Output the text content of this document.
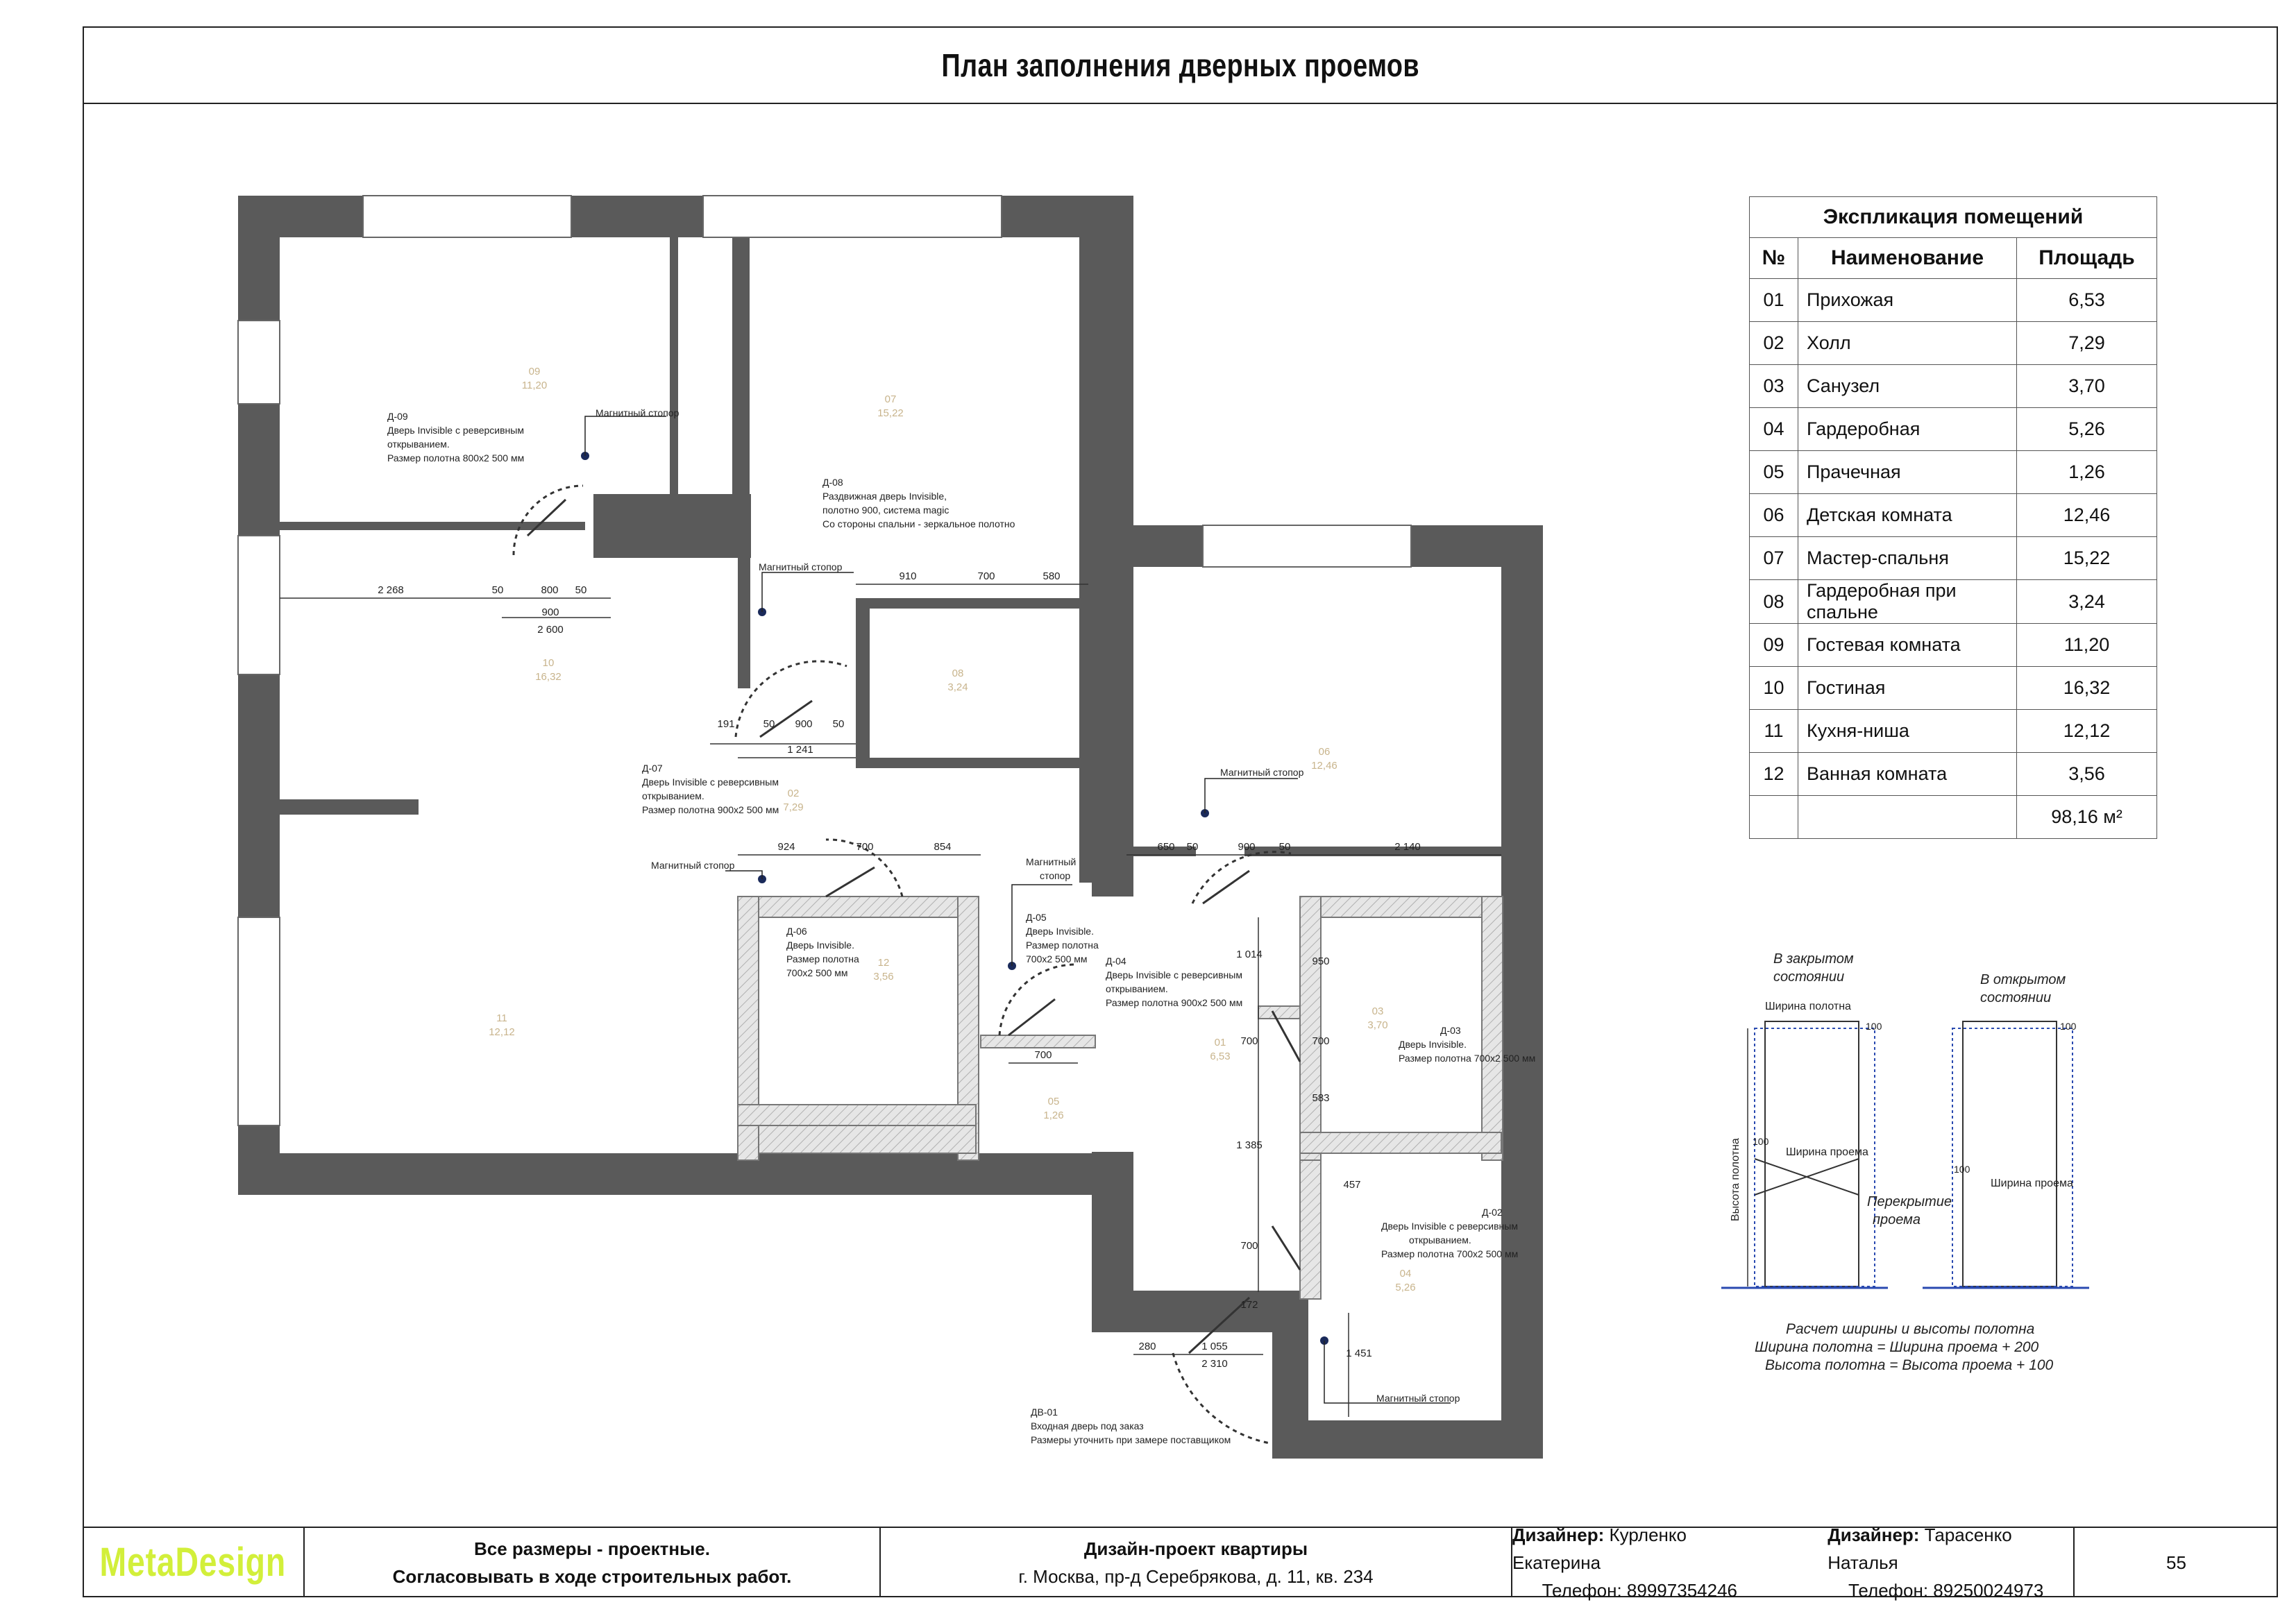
План заполнения дверных проемов
09
11,20
07
15,22
10
16,32	08
3,24
02
7,29
06
12,46
12
3,56
11
12,12
01
6,53
03
3,70
05
1,26
04
5,26
Д-09 Дверь Invisible с реверсивным открыванием. Размер полотна 800х2 500 мм
Д-08 Раздвижная дверь Invisible, полотно 900, система magic Со стороны спальни - зеркальное полотно
Д-07 Дверь Invisible с реверсивным открыванием. Размер полотна 900х2 500 мм
Д-06 Дверь Invisible. Размер полотна 700х2 500 мм
Д-05 Дверь Invisible. Размер полотна 700х2 500 мм	Д-04 Дверь Invisible с реверсивным открыванием. Размер полотна 900х2 500 мм
Д-03 Дверь Invisible. Размер полотна 700х2 500 мм
Д-02 Дверь Invisible с реверсивным открыванием. Размер полотна 700х2 500 мм
ДВ-01 Входная дверь под заказ Размеры уточнить при замере поставщиком
Магнитный стопор
Магнитный стопор
Магнитный стопор
Магнитный стопор
Магнитный стопор
Магнитный
стопор
2 268	50	800 50
900
2 600
910	700	580
191	50 900 50
1 241
924	700	854	650 50	900 50	2 140
700
1 014
950
700	700
583
1 385
457
700
172
1 451
280	1 055
2 310
В закрытом состоянии	В открытом состоянии
Ширина полотна
Ширина проема
Ширина проема
Высота полотна	Перекрытие проема
100	100
100
100
Расчет ширины и высоты полотна
Ширина полотна = Ширина проема + 200
Высота полотна = Высота проема + 100
Экспликация помещений		
№	Наименование	Площадь
01	Прихожая	6,53
02	Холл	7,29
03	Санузел	3,70
04	Гардеробная	5,26
05	Прачечная	1,26
06	Детская комната	12,46
07	Мастер-спальня	15,22
08	Гардеробная при спальне	3,24
09	Гостевая комната	11,20
10	Гостиная	16,32
11	Кухня-ниша	12,12
12	Ванная комната	3,56
		98,16 м²
MetaDesign	Все размеры - проектные.
Согласовывать в ходе строительных работ.
Дизайн-проект квартиры
г. Москва, пр-д Серебрякова, д. 11, кв. 234
Дизайнер: Курленко Екатерина
Дизайнер: Тарасенко Наталья
Телефон: 89997354246	Телефон: 89250024973
55
